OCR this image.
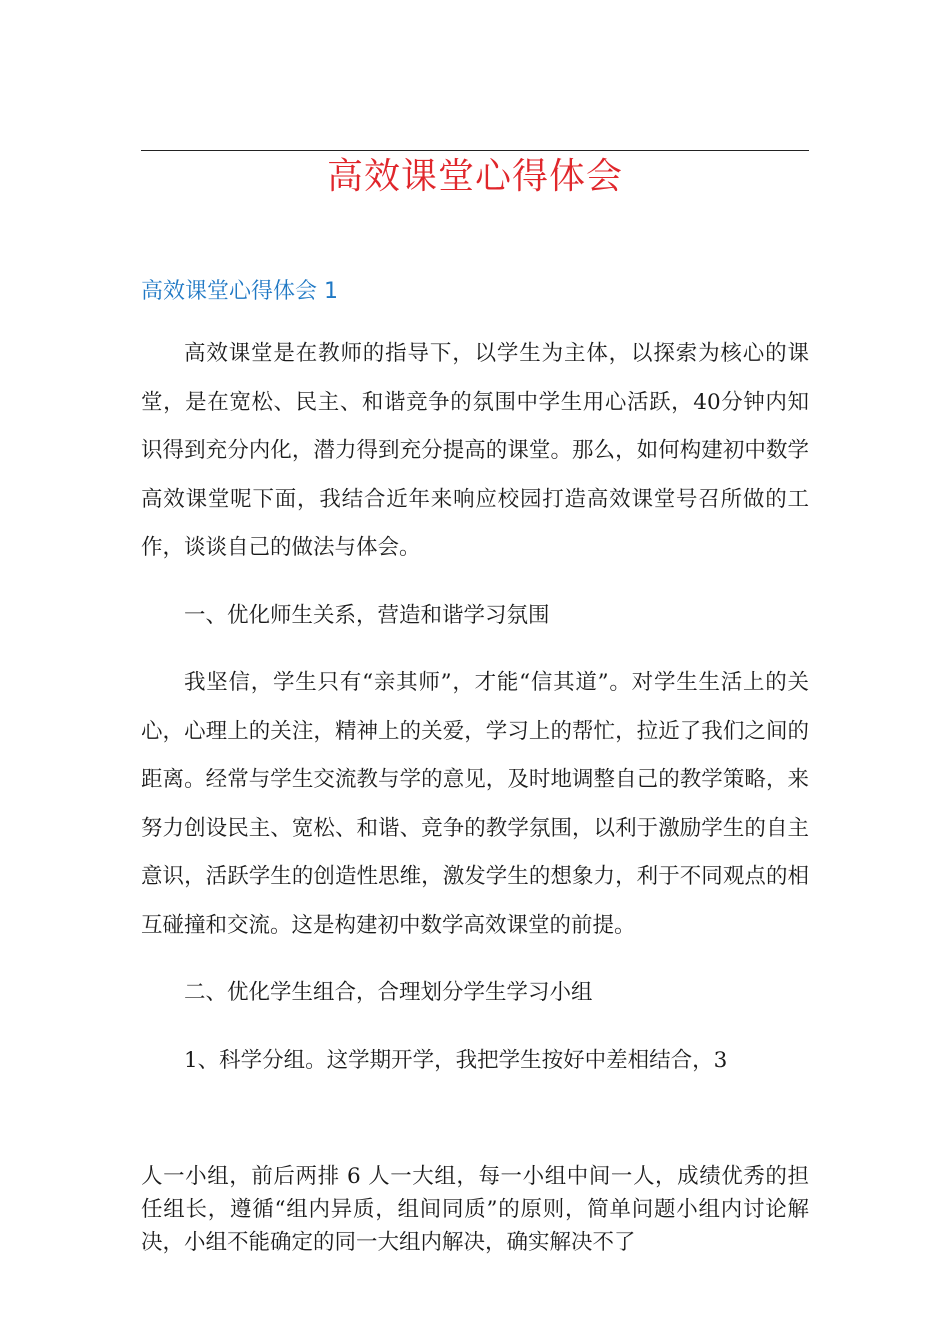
高效课堂心得体会
高效课堂心得体会 1

高效课堂是在教师的指导下，以学生为主体，以探索为核心的课堂，是在宽松、民主、和谐竞争的氛围中学生用心活跃，40分钟内知识得到充分内化，潜力得到充分提高的课堂。那么，如何构建初中数学高效课堂呢下面，我结合近年来响应校园打造高效课堂号召所做的工作，谈谈自己的做法与体会。

一、优化师生关系，营造和谐学习氛围

我坚信，学生只有“亲其师”，才能“信其道”。对学生生活上的关心，心理上的关注，精神上的关爱，学习上的帮忙，拉近了我们之间的距离。经常与学生交流教与学的意见，及时地调整自己的教学策略，来努力创设民主、宽松、和谐、竞争的教学氛围，以利于激励学生的自主意识，活跃学生的创造性思维，激发学生的想象力，利于不同观点的相互碰撞和交流。这是构建初中数学高效课堂的前提。

二、优化学生组合，合理划分学生学习小组

1、科学分组。这学期开学，我把学生按好中差相结合，3

人一小组，前后两排 6 人一大组，每一小组中间一人，成绩优秀的担任组长，遵循“组内异质，组间同质”的原则，简单问题小组内讨论解决，小组不能确定的同一大组内解决，确实解决不了
